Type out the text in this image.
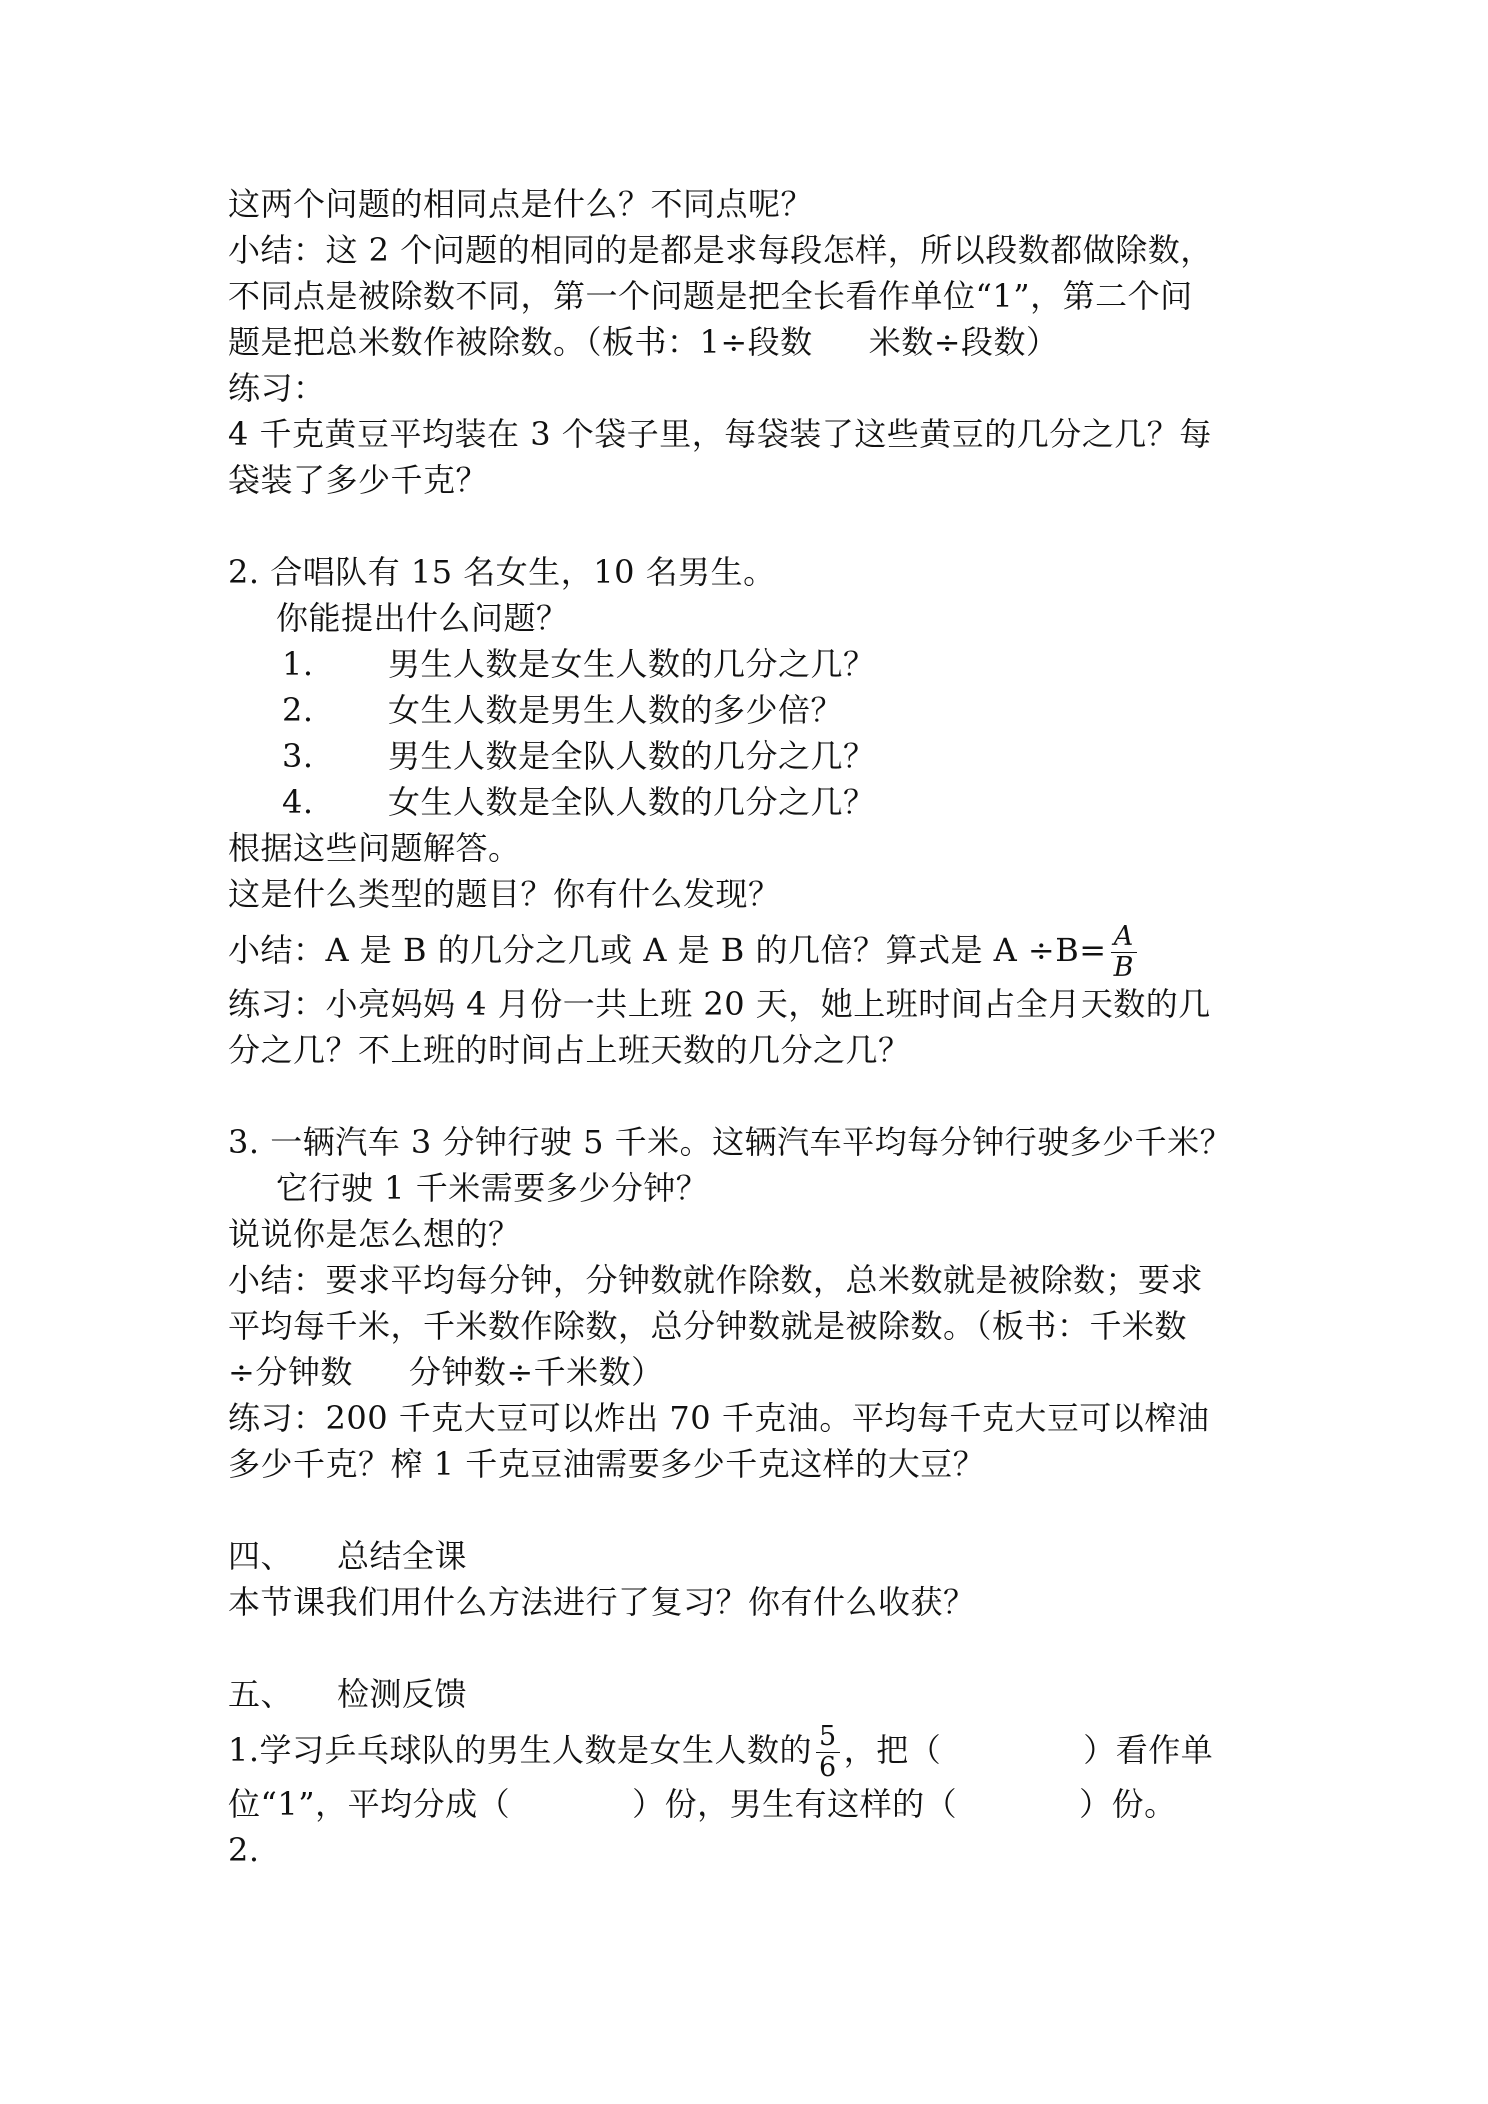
这两个问题的相同点是什么？不同点呢？
小结：这 2 个问题的相同的是都是求每段怎样，所以段数都做除数，
不同点是被除数不同，第一个问题是把全长看作单位“1”，第二个问
题是把总米数作被除数。（板书：1÷段数 米数÷段数）
练习：
4 千克黄豆平均装在 3 个袋子里，每袋装了这些黄豆的几分之几？每
袋装了多少千克？
2. 合唱队有 15 名女生，10 名男生。
你能提出什么问题？
1. 男生人数是女生人数的几分之几？
2. 女生人数是男生人数的多少倍？
3. 男生人数是全队人数的几分之几？
4. 女生人数是全队人数的几分之几？
根据这些问题解答。
这是什么类型的题目？你有什么发现？
小结：A 是 B 的几分之几或 A 是 B 的几倍？算式是 $A \div B= \frac{A}{B}$
练习：小亮妈妈 4 月份一共上班 20 天，她上班时间占全月天数的几
分之几？不上班的时间占上班天数的几分之几？
3. 一辆汽车 3 分钟行驶 5 千米。这辆汽车平均每分钟行驶多少千米？
它行驶 1 千米需要多少分钟？
说说你是怎么想的？
小结：要求平均每分钟，分钟数就作除数，总米数就是被除数；要求
平均每千米，千米数作除数，总分钟数就是被除数。（板书：千米数
÷分钟数 分钟数÷千米数）
练习：200 千克大豆可以炸出 70 千克油。平均每千克大豆可以榨油
多少千克？榨 1 千克豆油需要多少千克这样的大豆？
四、 总结全课
本节课我们用什么方法进行了复习？你有什么收获？
五、 检测反馈
1.学习乒乓球队的男生人数是女生人数的 $\frac{5}{6}$ ，把（	）看作单
位“1”，平均分成（	）份，男生有这样的（	）份。
2.
